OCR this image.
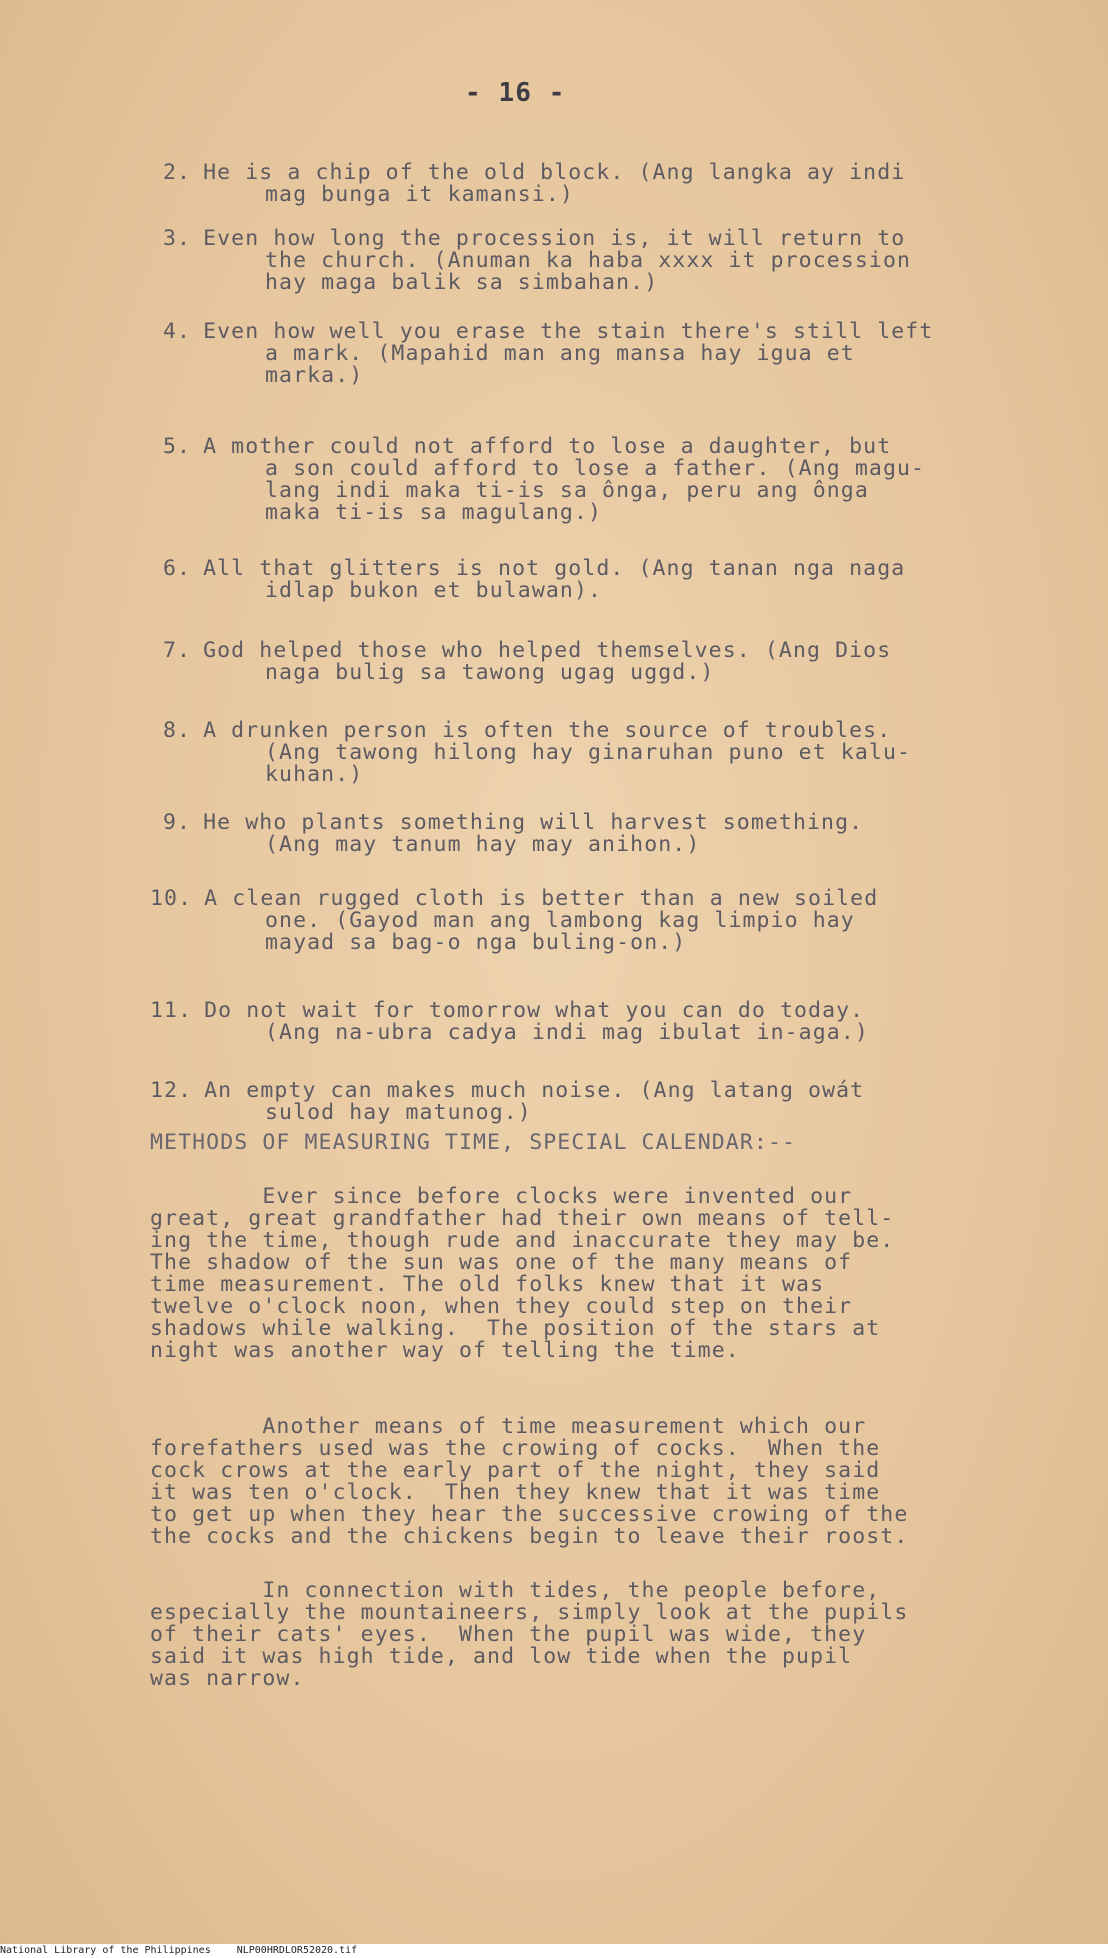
- 16 -
2. He is a chip of the old block. (Ang langka ay indi
mag bunga it kamansi.)
3. Even how long the procession is, it will return to
the church. (Anuman ka haba xxxx it procession
hay maga balik sa simbahan.)
4. Even how well you erase the stain there's still left
a mark. (Mapahid man ang mansa hay igua et
marka.)
5. A mother could not afford to lose a daughter, but
a son could afford to lose a father. (Ang magu-
lang indi maka ti-is sa ônga, peru ang ônga
maka ti-is sa magulang.)
6. All that glitters is not gold. (Ang tanan nga naga
idlap bukon et bulawan).
7. God helped those who helped themselves. (Ang Dios
naga bulig sa tawong ugag uggd.)
8. A drunken person is often the source of troubles.
(Ang tawong hilong hay ginaruhan puno et kalu-
kuhan.)
9. He who plants something will harvest something.
(Ang may tanum hay may anihon.)
10. A clean rugged cloth is better than a new soiled
one. (Gayod man ang lambong kag limpio hay
mayad sa bag-o nga buling-on.)
11. Do not wait for tomorrow what you can do today.
(Ang na-ubra cadya indi mag ibulat in-aga.)
12. An empty can makes much noise. (Ang latang owát
sulod hay matunog.)
METHODS OF MEASURING TIME, SPECIAL CALENDAR:--
Ever since before clocks were invented our
great, great grandfather had their own means of tell-
ing the time, though rude and inaccurate they may be.
The shadow of the sun was one of the many means of
time measurement. The old folks knew that it was
twelve o'clock noon, when they could step on their
shadows while walking.  The position of the stars at
night was another way of telling the time.
Another means of time measurement which our
forefathers used was the crowing of cocks.  When the
cock crows at the early part of the night, they said
it was ten o'clock.  Then they knew that it was time
to get up when they hear the successive crowing of the
the cocks and the chickens begin to leave their roost.
In connection with tides, the people before,
especially the mountaineers, simply look at the pupils
of their cats' eyes.  When the pupil was wide, they
said it was high tide, and low tide when the pupil
was narrow.
National Library of the Philippines	NLP00HRDLOR52020.tif
